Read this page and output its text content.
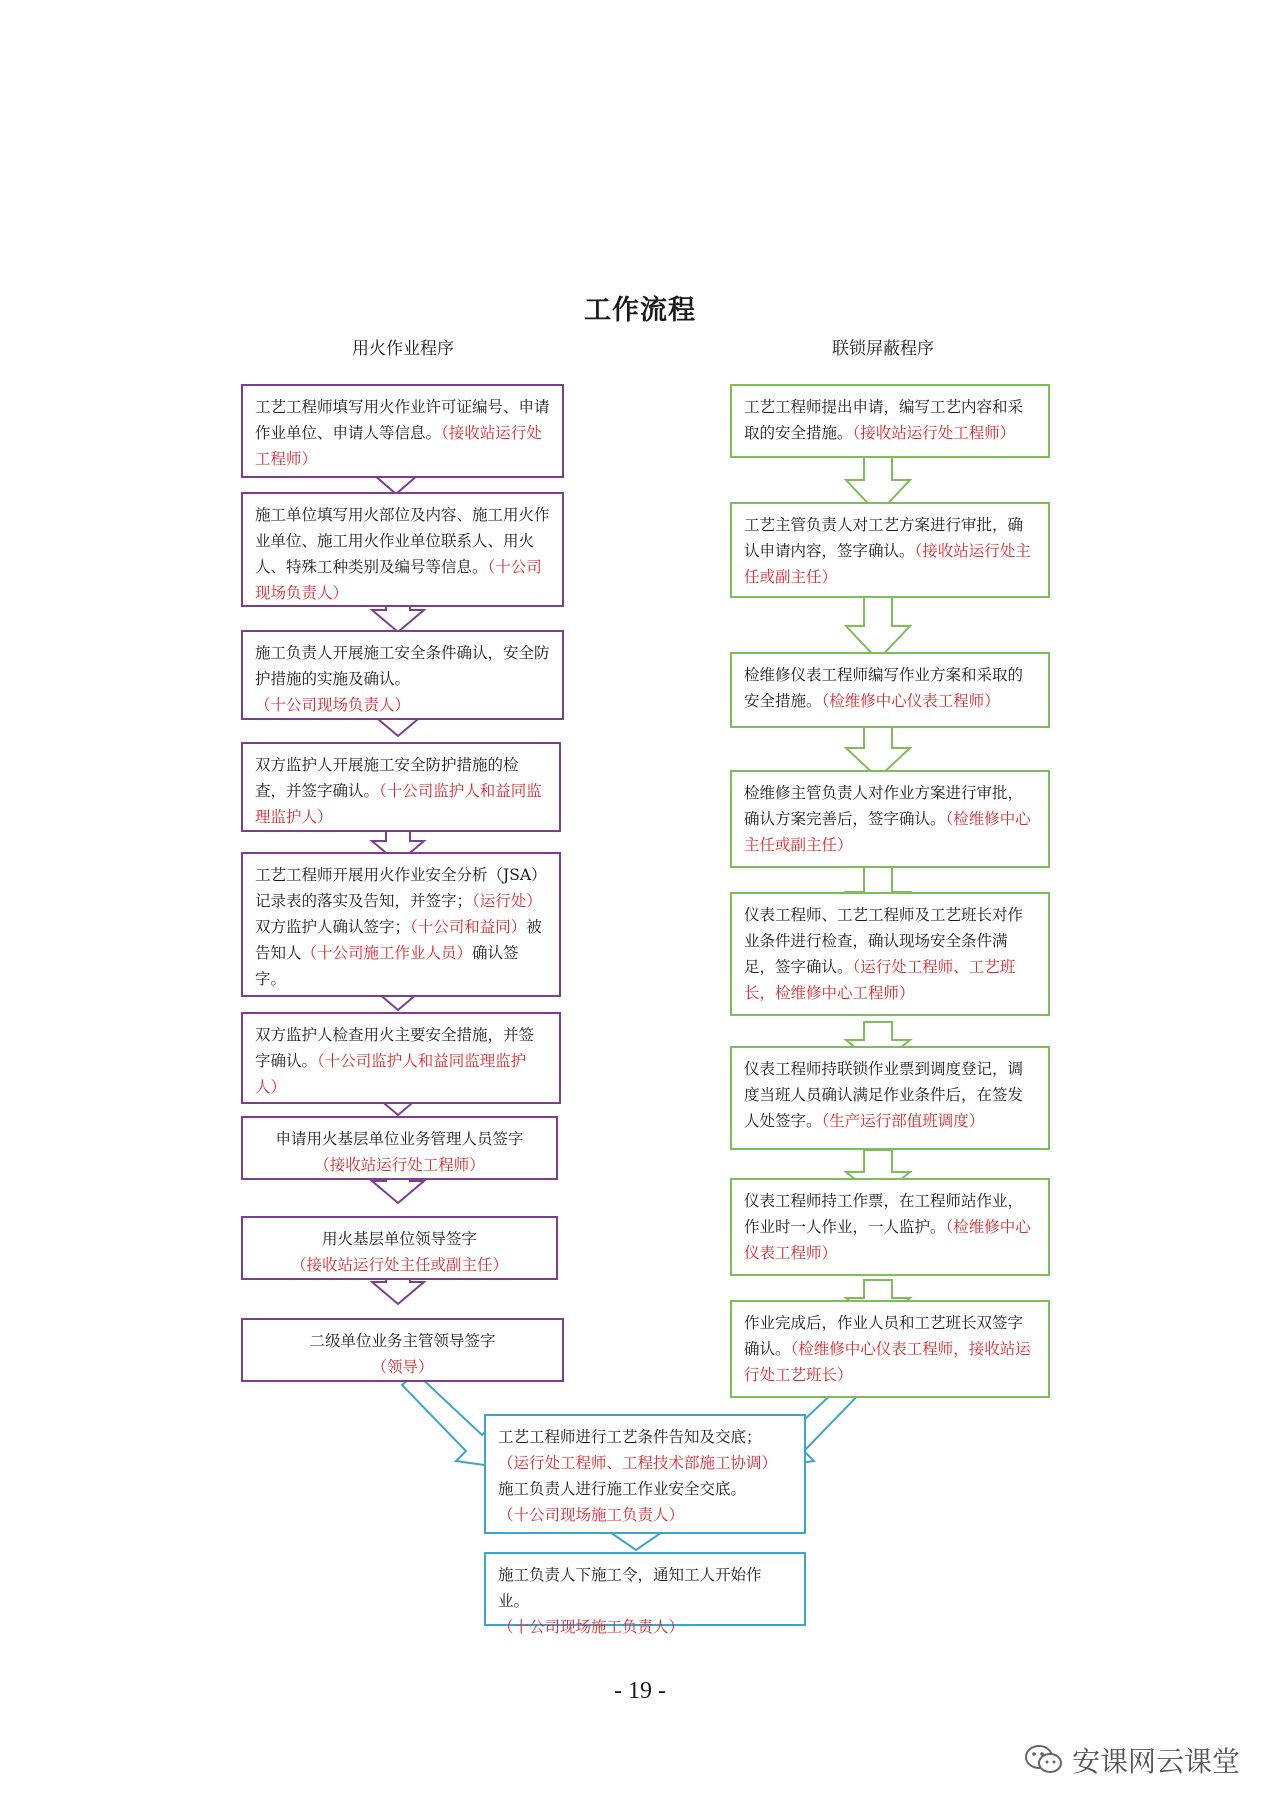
工作流程
用火作业程序	联锁屏蔽程序
工艺工程师填写用火作业许可证编号、申请作业单位、申请人等信息。（接收站运行处工程师）
施工单位填写用火部位及内容、施工用火作业单位、施工用火作业单位联系人、用火人、特殊工种类别及编号等信息。（十公司现场负责人）
施工负责人开展施工安全条件确认，安全防护措施的实施及确认。（十公司现场负责人）
双方监护人开展施工安全防护措施的检查，并签字确认。（十公司监护人和益同监理监护人）
工艺工程师开展用火作业安全分析（JSA）记录表的落实及告知，并签字；（运行处）双方监护人确认签字；（十公司和益同）被告知人（十公司施工作业人员）确认签字。
双方监护人检查用火主要安全措施，并签字确认。（十公司监护人和益同监理监护人）
申请用火基层单位业务管理人员签字
（接收站运行处工程师）
用火基层单位领导签字
（接收站运行处主任或副主任）
二级单位业务主管领导签字
（领导）
工艺工程师提出申请，编写工艺内容和采取的安全措施。（接收站运行处工程师）
工艺主管负责人对工艺方案进行审批，确认申请内容，签字确认。（接收站运行处主任或副主任）
检维修仪表工程师编写作业方案和采取的安全措施。（检维修中心仪表工程师）
检维修主管负责人对作业方案进行审批，确认方案完善后，签字确认。（检维修中心主任或副主任）
仪表工程师、工艺工程师及工艺班长对作业条件进行检查，确认现场安全条件满足，签字确认。（运行处工程师、工艺班长，检维修中心工程师）
仪表工程师持联锁作业票到调度登记，调度当班人员确认满足作业条件后，在签发人处签字。（生产运行部值班调度）
仪表工程师持工作票，在工程师站作业，作业时一人作业，一人监护。（检维修中心仪表工程师）
作业完成后，作业人员和工艺班长双签字确认。（检维修中心仪表工程师，接收站运行处工艺班长）
工艺工程师进行工艺条件告知及交底；
（运行处工程师、工程技术部施工协调）
施工负责人进行施工作业安全交底。
（十公司现场施工负责人）
施工负责人下施工令，通知工人开始作业。
（十公司现场施工负责人）
- 19 -
安课网云课堂
